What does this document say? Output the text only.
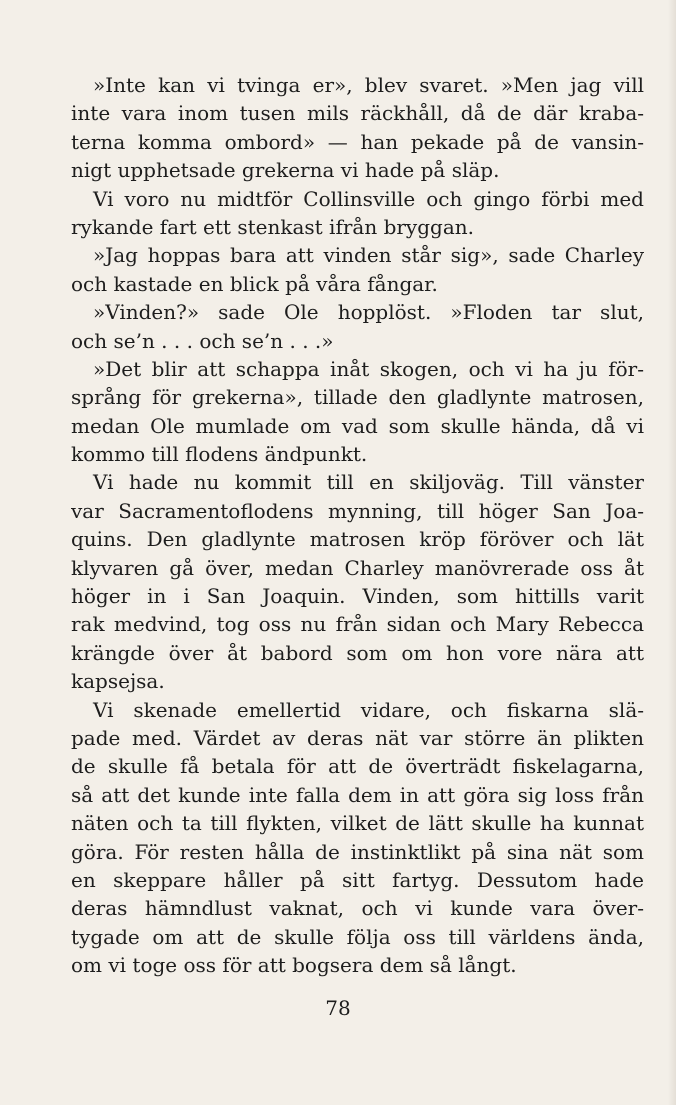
»Inte kan vi tvinga er», blev svaret. »Men jag vill
inte vara inom tusen mils räckhåll, då de där kraba-
terna komma ombord» — han pekade på de vansin-
nigt upphetsade grekerna vi hade på släp.
Vi voro nu midtför Collinsville och gingo förbi med
rykande fart ett stenkast ifrån bryggan.
»Jag hoppas bara att vinden står sig», sade Charley
och kastade en blick på våra fångar.
»Vinden?» sade Ole hopplöst. »Floden tar slut,
och se’n . . . och se’n . . .»
»Det blir att schappa inåt skogen, och vi ha ju för-
språng för grekerna», tillade den gladlynte matrosen,
medan Ole mumlade om vad som skulle hända, då vi
kommo till flodens ändpunkt.
Vi hade nu kommit till en skiljoväg. Till vänster
var Sacramentoflodens mynning, till höger San Joa-
quins. Den gladlynte matrosen kröp föröver och lät
klyvaren gå över, medan Charley manövrerade oss åt
höger in i San Joaquin. Vinden, som hittills varit
rak medvind, tog oss nu från sidan och Mary Rebecca
krängde över åt babord som om hon vore nära att
kapsejsa.
Vi skenade emellertid vidare, och fiskarna slä-
pade med. Värdet av deras nät var större än plikten
de skulle få betala för att de överträdt fiskelagarna,
så att det kunde inte falla dem in att göra sig loss från
näten och ta till flykten, vilket de lätt skulle ha kunnat
göra. För resten hålla de instinktlikt på sina nät som
en skeppare håller på sitt fartyg. Dessutom hade
deras hämndlust vaknat, och vi kunde vara över-
tygade om att de skulle följa oss till världens ända,
om vi toge oss för att bogsera dem så långt.
78
